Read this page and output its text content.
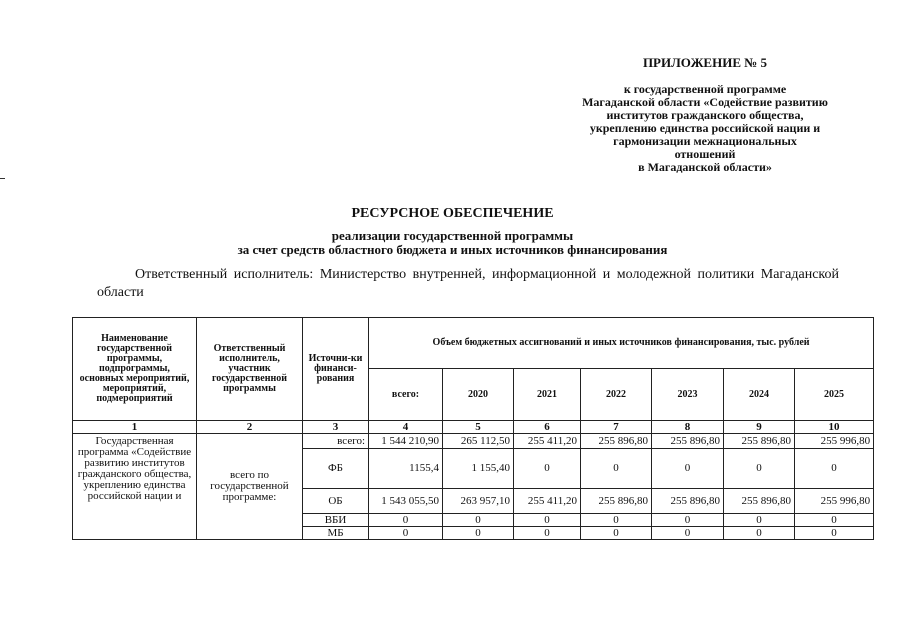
ПРИЛОЖЕНИЕ № 5
к государственной программе
Магаданской области «Содействие развитию
институтов гражданского общества,
укреплению единства российской нации и
гармонизации межнациональных
отношений
в Магаданской области»
РЕСУРСНОЕ ОБЕСПЕЧЕНИЕ
реализации государственной программы
за счет средств областного бюджета и иных источников финансирования
Ответственный исполнитель: Министерство внутренней, информационной и молодежной политики Магаданской области
Наименование государственной программы, подпрограммы, основных мероприятий, мероприятий, подмероприятий	Ответственный исполнитель, участник государственной программы	Источни-ки финанси-рования	Объем бюджетных ассигнований и иных источников финансирования, тыс. рублей						
			всего:	2020	2021	2022	2023	2024	2025
1	2	3	4	5	6	7	8	9	10
Государственная программа «Содействие развитию институтов гражданского общества, укреплению единства российской нации и	всего по государственной программе:	всего:	1 544 210,90	265 112,50	255 411,20	255 896,80	255 896,80	255 896,80	255 996,80
		ФБ	1155,4	1 155,40	0	0	0	0	0
		ОБ	1 543 055,50	263 957,10	255 411,20	255 896,80	255 896,80	255 896,80	255 996,80
		ВБИ	0	0	0	0	0	0	0
		МБ	0	0	0	0	0	0	0
